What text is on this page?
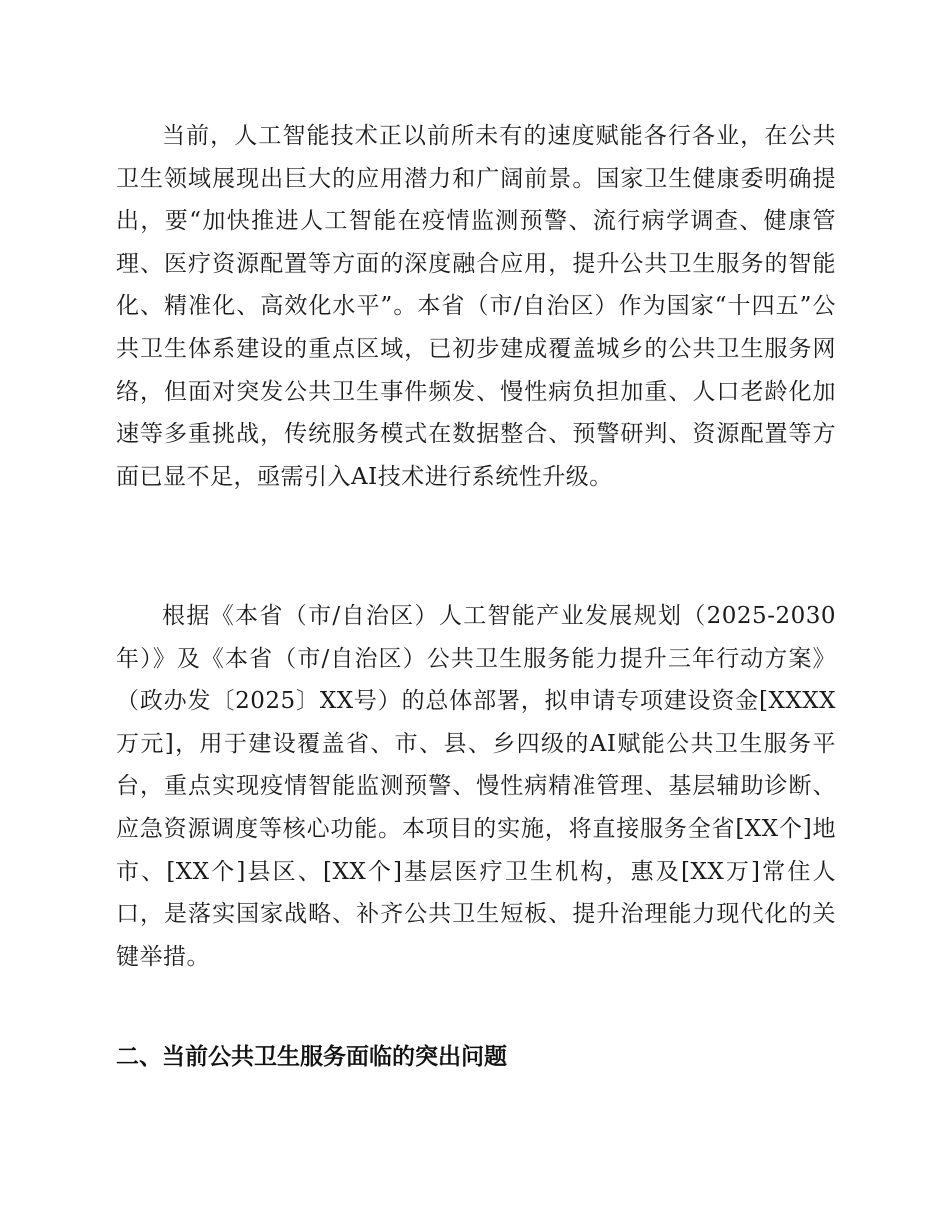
当前，人工智能技术正以前所未有的速度赋能各行各业，在公共卫生领域展现出巨大的应用潜力和广阔前景。国家卫生健康委明确提出，要“加快推进人工智能在疫情监测预警、流行病学调查、健康管理、医疗资源配置等方面的深度融合应用，提升公共卫生服务的智能化、精准化、高效化水平”。本省（市/自治区）作为国家“十四五”公共卫生体系建设的重点区域，已初步建成覆盖城乡的公共卫生服务网络，但面对突发公共卫生事件频发、慢性病负担加重、人口老龄化加速等多重挑战，传统服务模式在数据整合、预警研判、资源配置等方面已显不足，亟需引入AI技术进行系统性升级。

根据《本省（市/自治区）人工智能产业发展规划（2025-2030年）》及《本省（市/自治区）公共卫生服务能力提升三年行动方案》（政办发〔2025〕XX号）的总体部署，拟申请专项建设资金[XXXX万元]，用于建设覆盖省、市、县、乡四级的AI赋能公共卫生服务平台，重点实现疫情智能监测预警、慢性病精准管理、基层辅助诊断、应急资源调度等核心功能。本项目的实施，将直接服务全省[XX个]地市、[XX个]县区、[XX个]基层医疗卫生机构，惠及[XX万]常住人口，是落实国家战略、补齐公共卫生短板、提升治理能力现代化的关键举措。

二、当前公共卫生服务面临的突出问题
